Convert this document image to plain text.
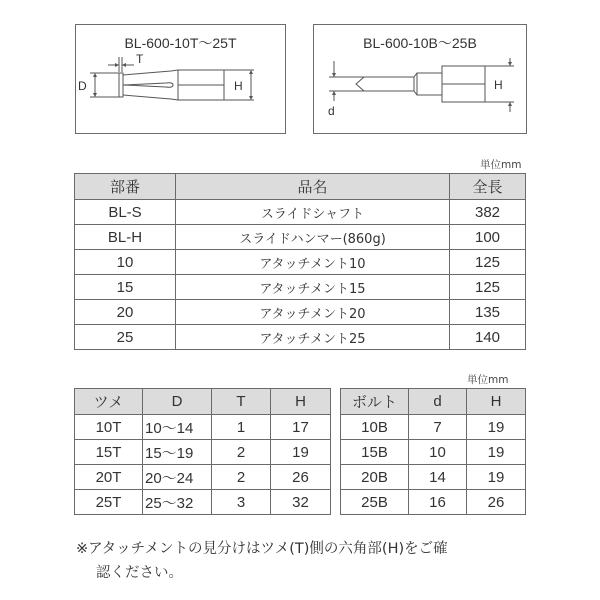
BL-600-10T～25T
T
D	H
BL-600-10B～25B
d
H
単位mm
部番	品名	全長
BL-S	スライドシャフト	382
BL-H	スライドハンマー(860g)	100
10	アタッチメント10	125
15	アタッチメント15	125
20	アタッチメント20	135
25	アタッチメント25	140
ツメ	D	T	H
10T	10～14	1	17
15T	15～19	2	19
20T	20～24	2	26
25T	25～32	3	32
単位mm
ボルト	d	H
10B	7	19
15B	10	19
20B	14	19
25B	16	26
※アタッチメントの見分けはツメ(T)側の六角部(H)をご確
認ください。
